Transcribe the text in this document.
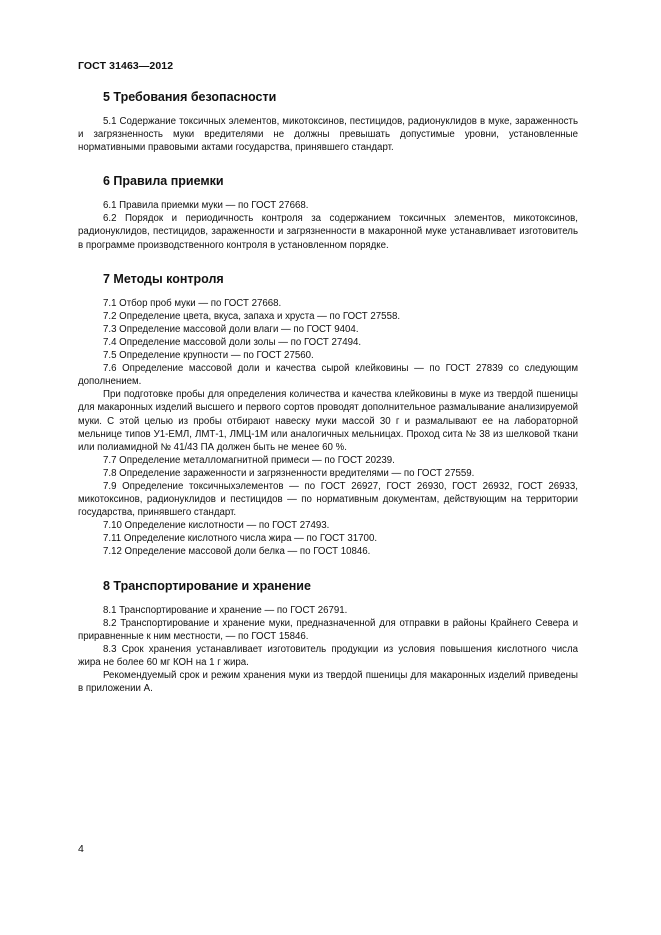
ГОСТ 31463—2012
5 Требования безопасности

5.1 Содержание токсичных элементов, микотоксинов, пестицидов, радионуклидов в муке, зараженность и загрязненность муки вредителями не должны превышать допустимые уровни, установленные нормативными правовыми актами государства, принявшего стандарт.

6 Правила приемки

6.1 Правила приемки муки — по ГОСТ 27668.

6.2 Порядок и периодичность контроля за содержанием токсичных элементов, микотоксинов, радионуклидов, пестицидов, зараженности и загрязненности в макаронной муке устанавливает изготовитель в программе производственного контроля в установленном порядке.

7 Методы контроля

7.1 Отбор проб муки — по ГОСТ 27668.

7.2 Определение цвета, вкуса, запаха и хруста — по ГОСТ 27558.

7.3 Определение массовой доли влаги — по ГОСТ 9404.

7.4 Определение массовой доли золы — по ГОСТ 27494.

7.5 Определение крупности — по ГОСТ 27560.

7.6 Определение массовой доли и качества сырой клейковины — по ГОСТ 27839 со следующим дополнением.

При подготовке пробы для определения количества и качества клейковины в муке из твердой пшеницы для макаронных изделий высшего и первого сортов проводят дополнительное размалывание анализируемой муки. С этой целью из пробы отбирают навеску муки массой 30 г и размалывают ее на лабораторной мельнице типов У1-ЕМЛ, ЛМТ-1, ЛМЦ-1М или аналогичных мельницах. Проход сита № 38 из шелковой ткани или полиамидной № 41/43 ПА должен быть не менее 60 %.

7.7 Определение металломагнитной примеси — по ГОСТ 20239.

7.8 Определение зараженности и загрязненности вредителями — по ГОСТ 27559.

7.9 Определение токсичныхэлементов — по ГОСТ 26927, ГОСТ 26930, ГОСТ 26932, ГОСТ 26933, микотоксинов, радионуклидов и пестицидов — по нормативным документам, действующим на территории государства, принявшего стандарт.

7.10 Определение кислотности — по ГОСТ 27493.

7.11 Определение кислотного числа жира — по ГОСТ 31700.

7.12 Определение массовой доли белка — по ГОСТ 10846.

8 Транспортирование и хранение

8.1 Транспортирование и хранение — по ГОСТ 26791.

8.2 Транспортирование и хранение муки, предназначенной для отправки в районы Крайнего Севера и приравненные к ним местности, — по ГОСТ 15846.

8.3 Срок хранения устанавливает изготовитель продукции из условия повышения кислотного числа жира не более 60 мг КОН на 1 г жира.

Рекомендуемый срок и режим хранения муки из твердой пшеницы для макаронных изделий приведены в приложении А.

4
